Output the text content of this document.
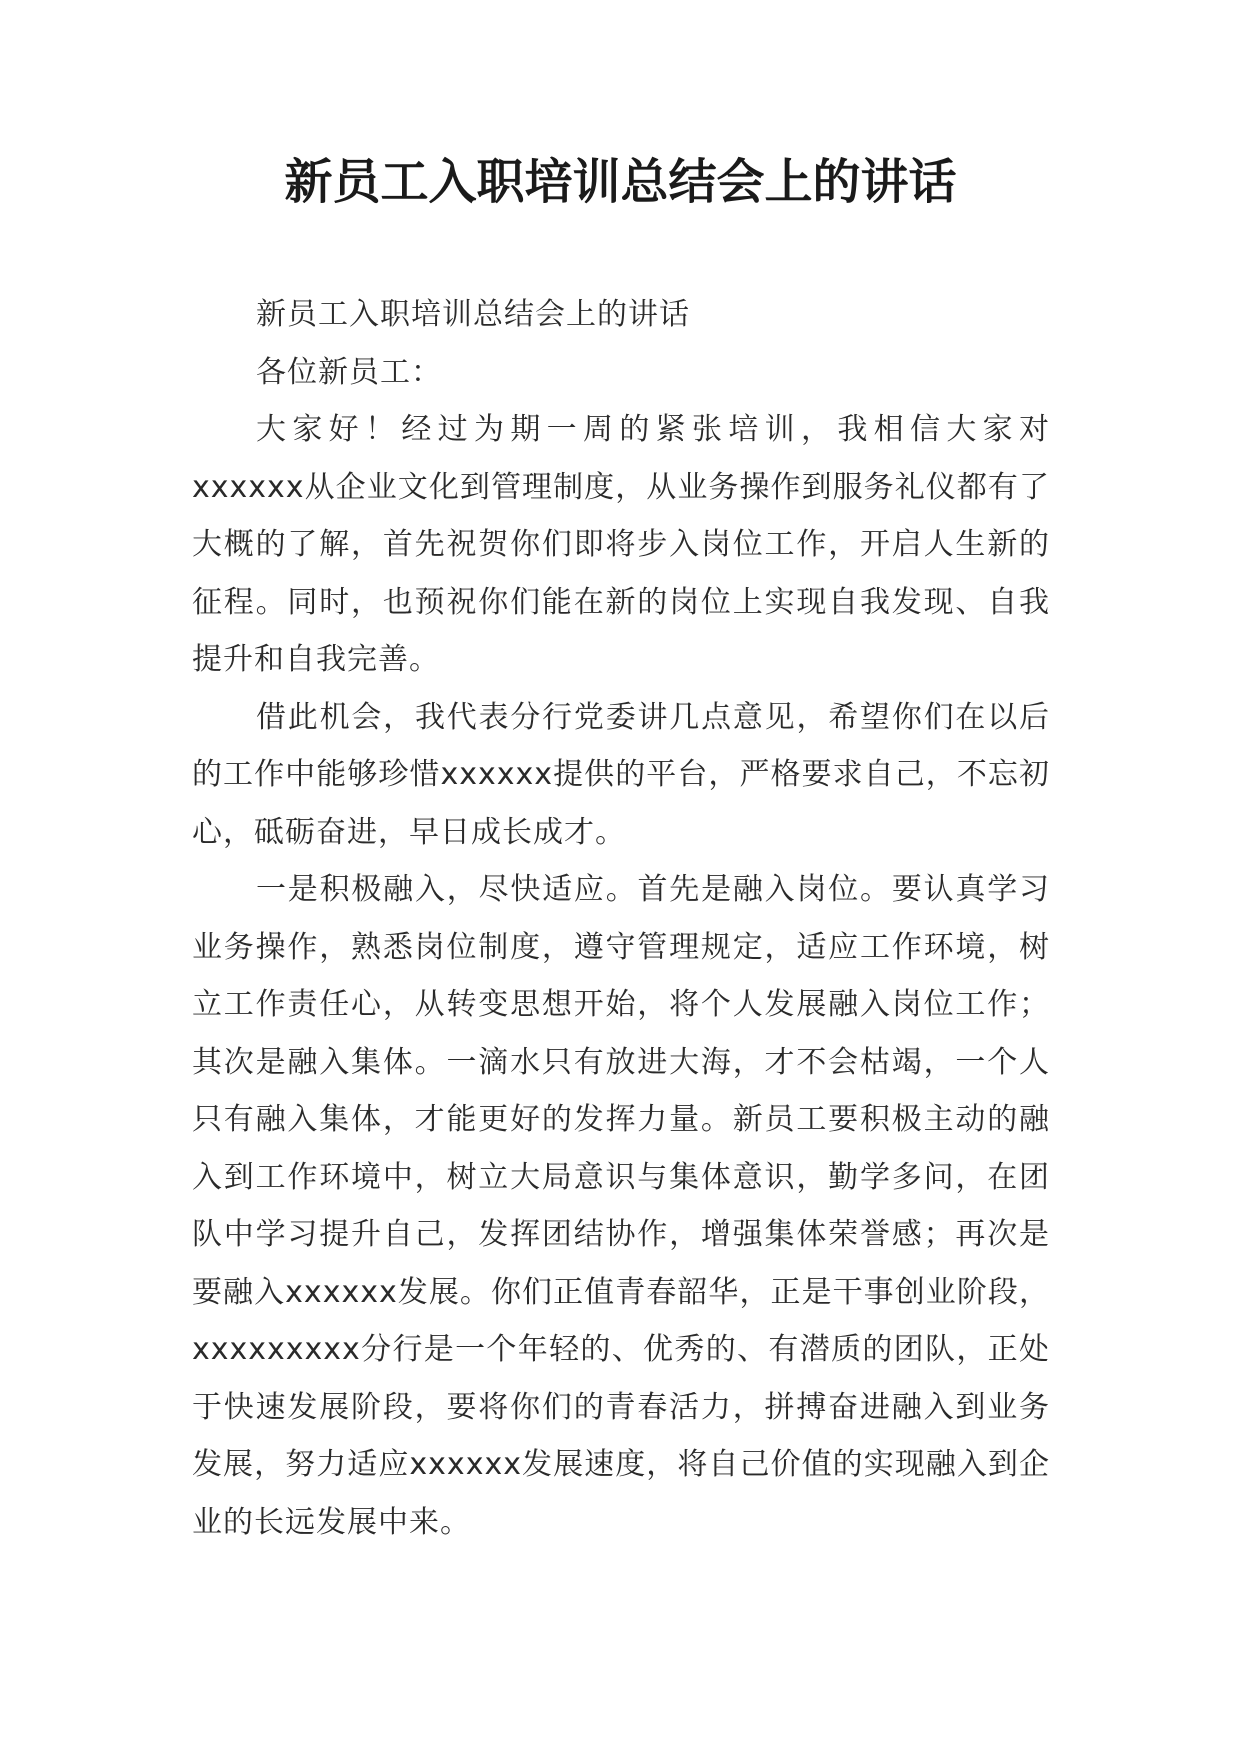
新员工入职培训总结会上的讲话

新员工入职培训总结会上的讲话

各位新员工：

大家好！经过为期一周的紧张培训，我相信大家对xxxxxx从企业文化到管理制度，从业务操作到服务礼仪都有了大概的了解，首先祝贺你们即将步入岗位工作，开启人生新的征程。同时，也预祝你们能在新的岗位上实现自我发现、自我提升和自我完善。

借此机会，我代表分行党委讲几点意见，希望你们在以后的工作中能够珍惜xxxxxx提供的平台，严格要求自己，不忘初心，砥砺奋进，早日成长成才。

一是积极融入，尽快适应。首先是融入岗位。要认真学习业务操作，熟悉岗位制度，遵守管理规定，适应工作环境，树立工作责任心，从转变思想开始，将个人发展融入岗位工作；其次是融入集体。一滴水只有放进大海，才不会枯竭，一个人只有融入集体，才能更好的发挥力量。新员工要积极主动的融入到工作环境中，树立大局意识与集体意识，勤学多问，在团队中学习提升自己，发挥团结协作，增强集体荣誉感；再次是要融入xxxxxx发展。你们正值青春韶华，正是干事创业阶段，xxxxxxxxx分行是一个年轻的、优秀的、有潜质的团队，正处于快速发展阶段，要将你们的青春活力，拼搏奋进融入到业务发展，努力适应xxxxxx发展速度，将自己价值的实现融入到企业的长远发展中来。
